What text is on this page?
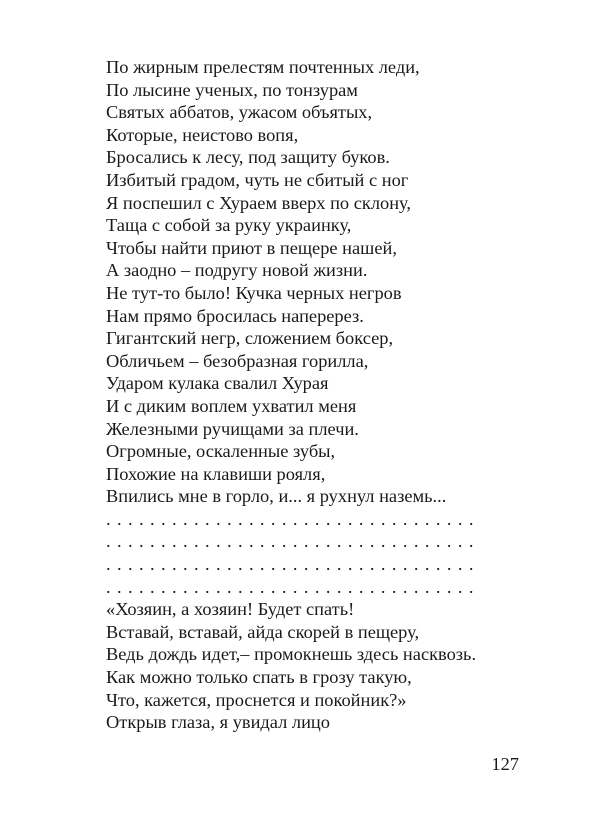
По жирным прелестям почтенных леди,
По лысине ученых, по тонзурам
Святых аббатов, ужасом объятых,
Которые, неистово вопя,
Бросались к лесу, под защиту буков.
Избитый градом, чуть не сбитый с ног
Я поспешил с Хураем вверх по склону,
Таща с собой за руку украинку,
Чтобы найти приют в пещере нашей,
А заодно – подругу новой жизни.
Не тут-то было! Кучка черных негров
Нам прямо бросилась наперерез.
Гигантский негр, сложением боксер,
Обличьем – безобразная горилла,
Ударом кулака свалил Хурая
И с диким воплем ухватил меня
Железными ручищами за плечи.
Огромные, оскаленные зубы,
Похожие на клавиши рояля,
Впились мне в горло, и... я рухнул наземь...
. . . . . . . . . . . . . . . . . . . . . . . . . . . . . . . . . .
. . . . . . . . . . . . . . . . . . . . . . . . . . . . . . . . . .
. . . . . . . . . . . . . . . . . . . . . . . . . . . . . . . . . .
. . . . . . . . . . . . . . . . . . . . . . . . . . . . . . . . . .
«Хозяин, а хозяин! Будет спать!
Вставай, вставай, айда скорей в пещеру,
Ведь дождь идет,– промокнешь здесь насквозь.
Как можно только спать в грозу такую,
Что, кажется, проснется и покойник?»
Открыв глаза, я увидал лицо
127
